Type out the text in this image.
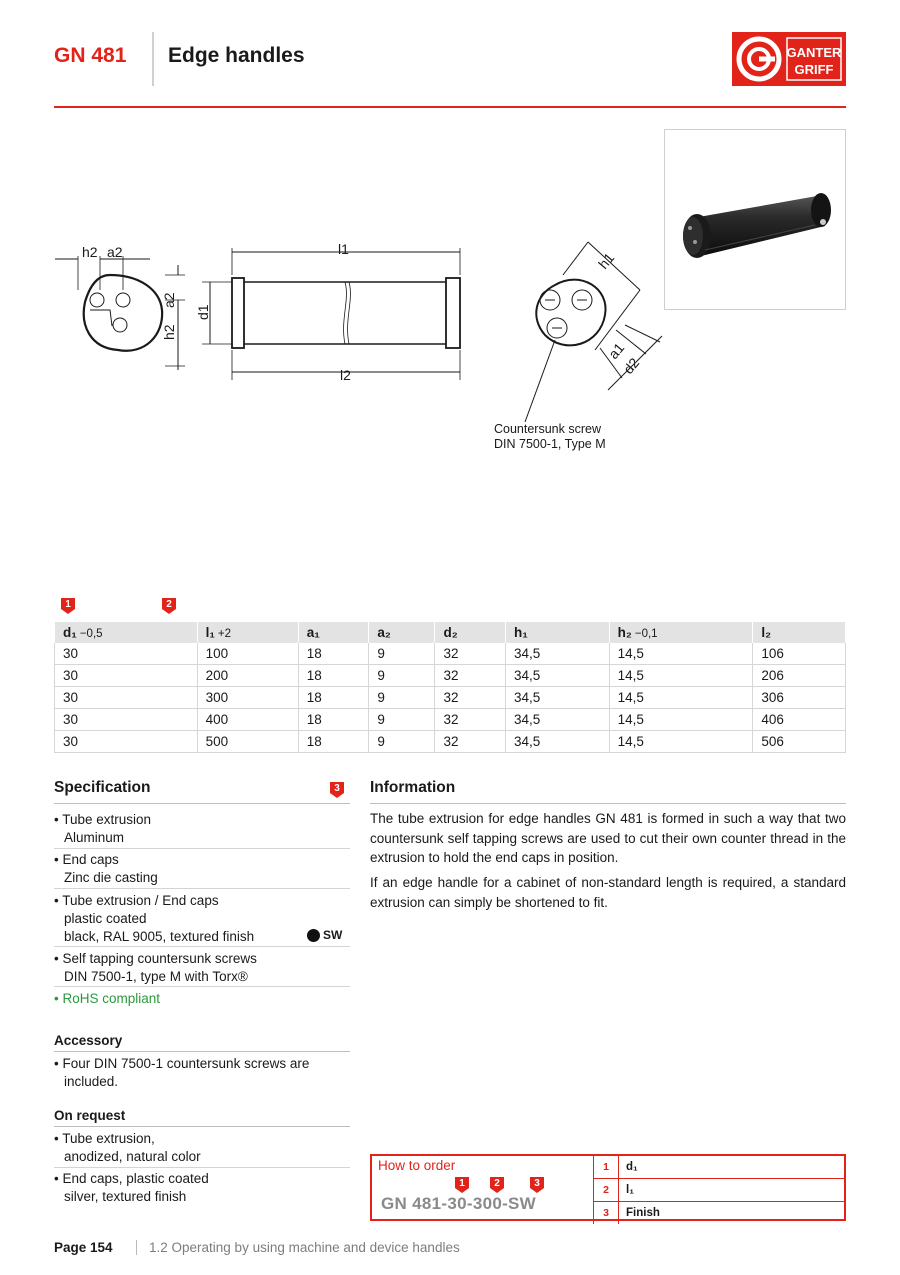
GN 481 Edge handles	GANTER
GRIFF
h2 a2
a2
h2
l1
l2
d1
h1
a1
d2
Countersunk screw
DIN 7500-1, Type M
1	2
d₁ −0,5	l₁ +2	a₁	a₂	d₂	h₁	h₂ −0,1	l₂
30	100	18	9	32	34,5	14,5	106
30	200	18	9	32	34,5	14,5	206
30	300	18	9	32	34,5	14,5	306
30	400	18	9	32	34,5	14,5	406
30	500	18	9	32	34,5	14,5	506
Specification	3
• Tube extrusion
Aluminum
• End caps
Zinc die casting
• Tube extrusion / End caps
plastic coated
black, RAL 9005, textured finish	SW
• Self tapping countersunk screws
DIN 7500-1, type M with Torx®
• RoHS compliant
Accessory
• Four DIN 7500-1 countersunk screws are
included.
On request
• Tube extrusion,
anodized, natural color
• End caps, plastic coated
silver, textured finish
Information
The tube extrusion for edge handles GN 481 is formed in such a way that two countersunk self tapping screws are used to cut their own counter thread in the extrusion to hold the end caps in position.
If an edge handle for a cabinet of non-standard length is required, a standard extrusion can simply be shortened to fit.
How to order
1	2	3
GN 481-30-300-SW
1	d₁
2	l₁
3	Finish
Page 154	1.2 Operating by using machine and device handles
